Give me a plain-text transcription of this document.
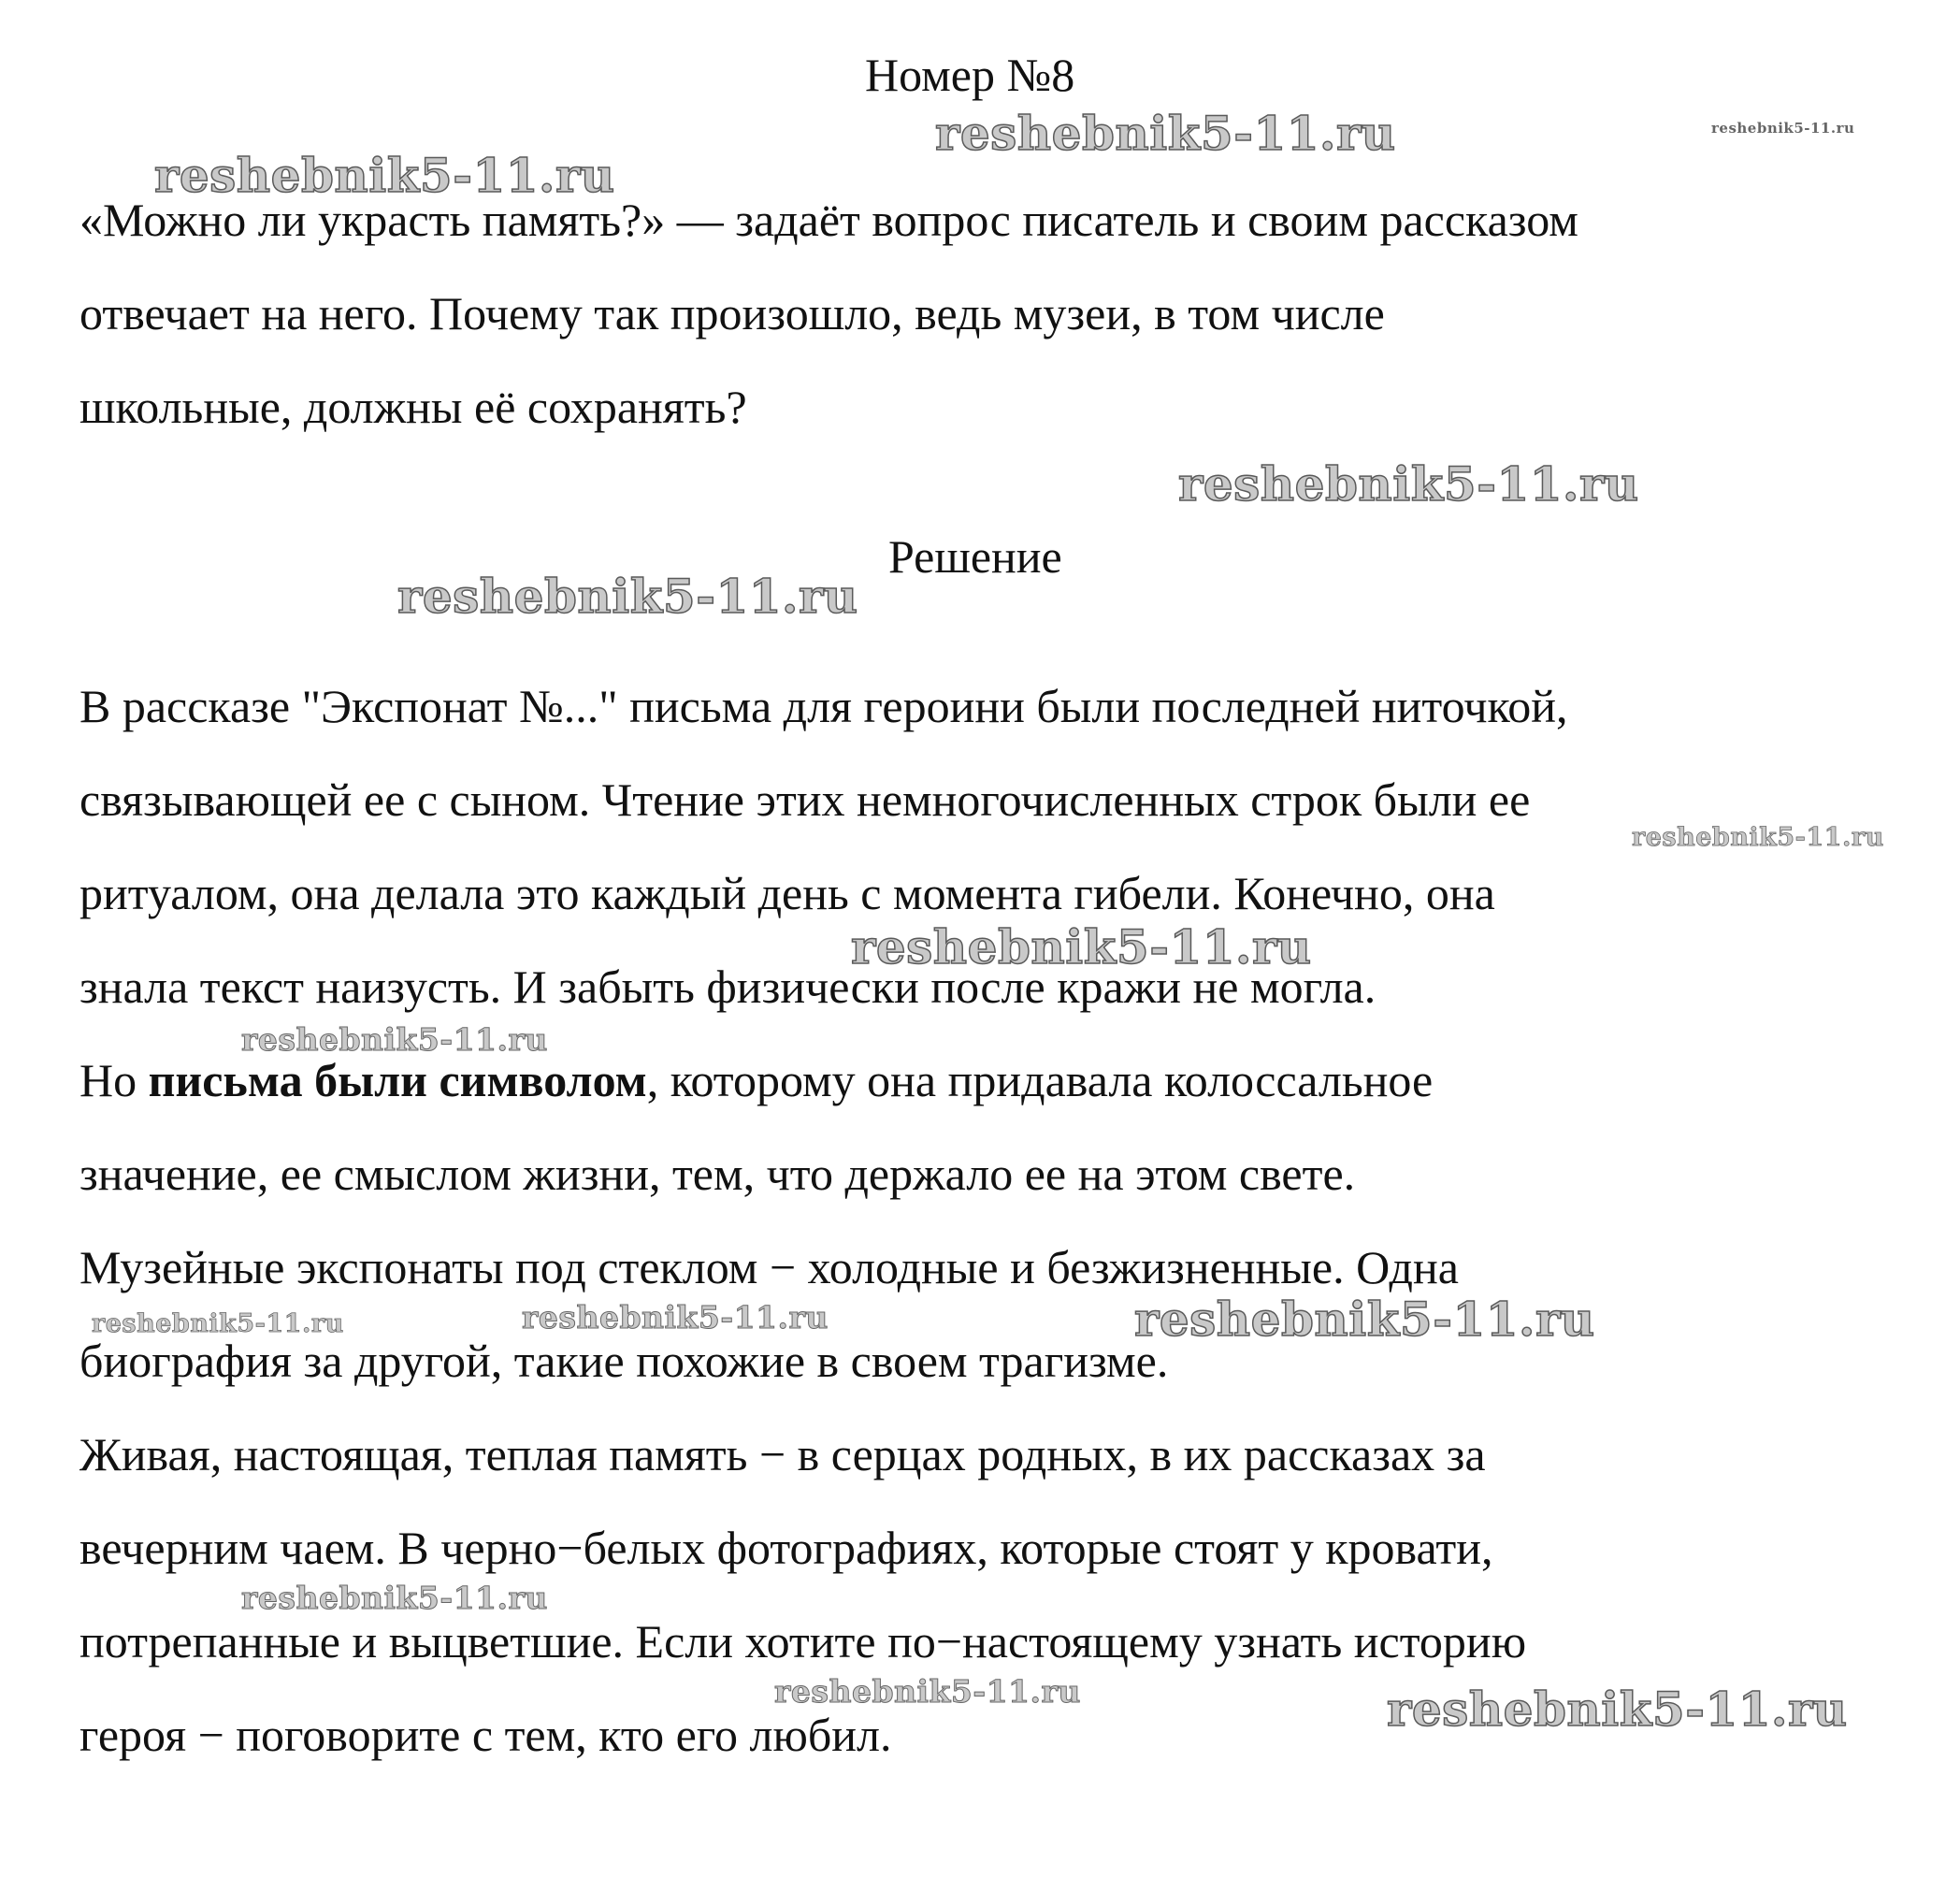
reshebnik5-11.ru	reshebnik5-11.ru
reshebnik5-11.ru
reshebnik5-11.ru
reshebnik5-11.ru
reshebnik5-11.ru
reshebnik5-11.ru
reshebnik5-11.ru
reshebnik5-11.ru	reshebnik5-11.ru	reshebnik5-11.ru
reshebnik5-11.ru
reshebnik5-11.ru	reshebnik5-11.ru
Номер №8
«Можно ли украсть память?» — задаёт вопрос писатель и своим рассказом
отвечает на него. Почему так произошло, ведь музеи, в том числе
школьные, должны её сохранять?
Решение
В рассказе "Экспонат №..." письма для героини были последней ниточкой,
связывающей ее с сыном. Чтение этих немногочисленных строк были ее
ритуалом, она делала это каждый день с момента гибели. Конечно, она
знала текст наизусть. И забыть физически после кражи не могла.
Но письма были символом, которому она придавала колоссальное
значение, ее смыслом жизни, тем, что держало ее на этом свете.
Музейные экспонаты под стеклом − холодные и безжизненные. Одна
биография за другой, такие похожие в своем трагизме.
Живая, настоящая, теплая память − в серцах родных, в их рассказах за
вечерним чаем. В черно−белых фотографиях, которые стоят у кровати,
потрепанные и выцветшие. Если хотите по−настоящему узнать историю
героя − поговорите с тем, кто его любил.
